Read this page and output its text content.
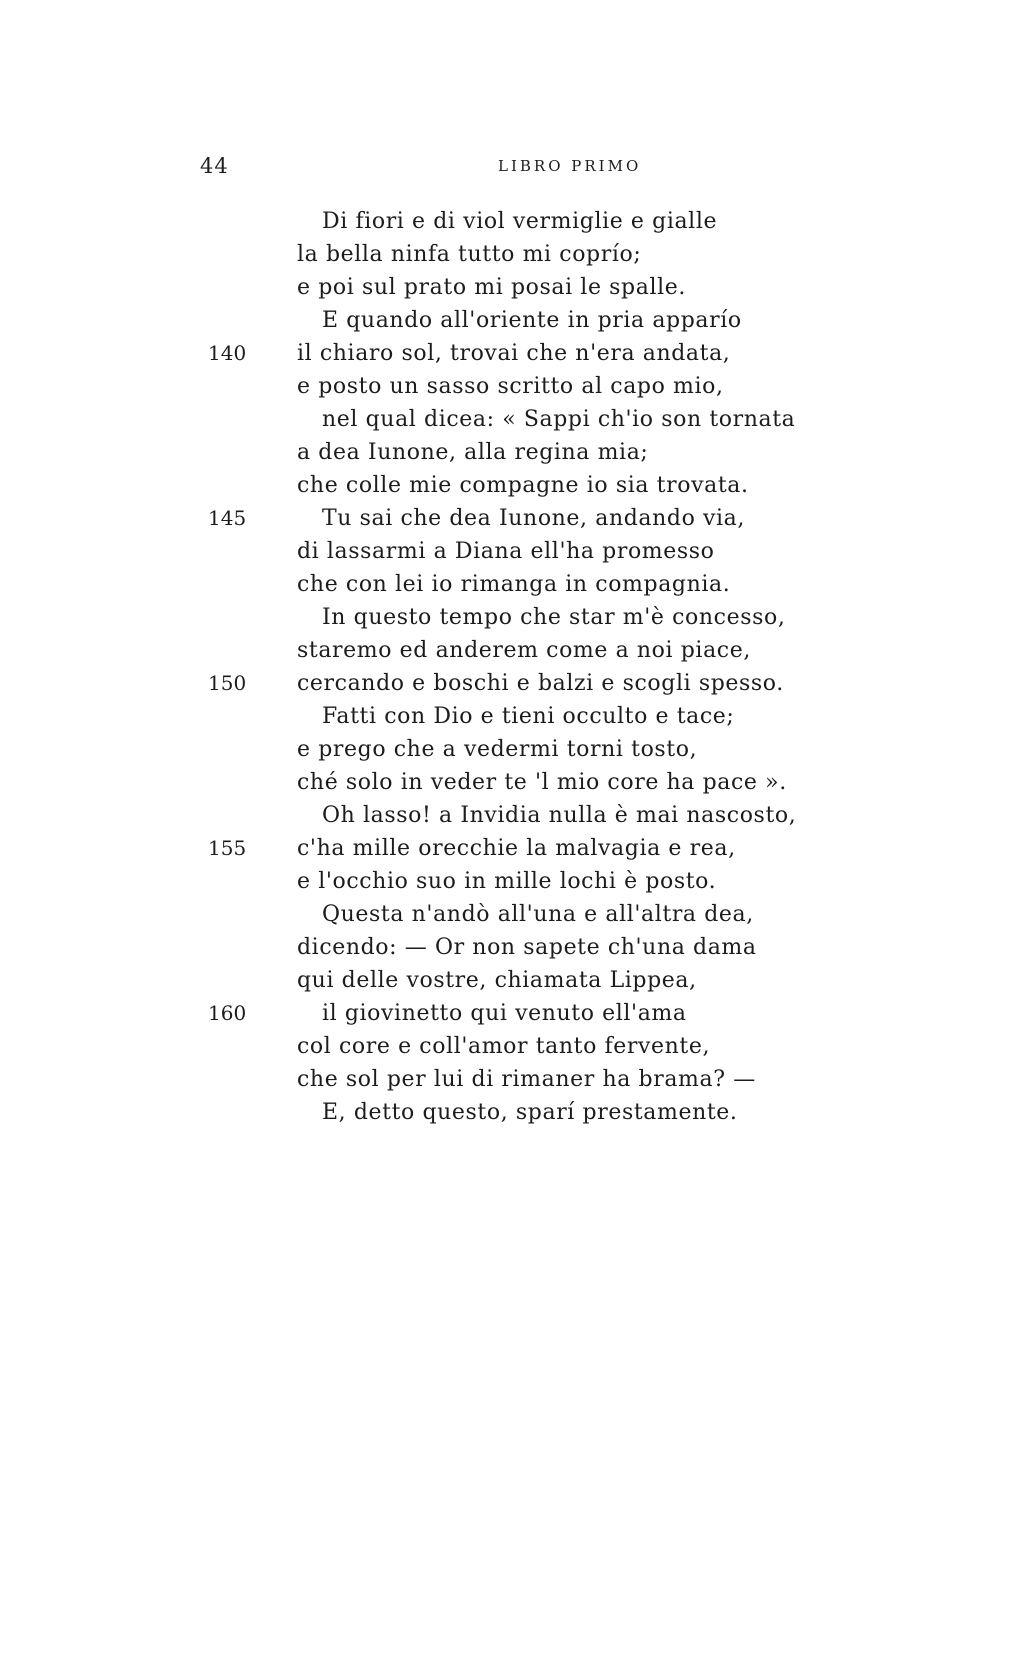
44	LIBRO PRIMO
Di fiori e di viol vermiglie e gialle
la bella ninfa tutto mi coprío;
e poi sul prato mi posai le spalle.
E quando all'oriente in pria apparío
140 il chiaro sol, trovai che n'era andata,
e posto un sasso scritto al capo mio,
nel qual dicea: « Sappi ch'io son tornata
a dea Iunone, alla regina mia;
che colle mie compagne io sia trovata.
145	Tu sai che dea Iunone, andando via,
di lassarmi a Diana ell'ha promesso
che con lei io rimanga in compagnia.
In questo tempo che star m'è concesso,
staremo ed anderem come a noi piace,
150 cercando e boschi e balzi e scogli spesso.
Fatti con Dio e tieni occulto e tace;
e prego che a vedermi torni tosto,
ché solo in veder te 'l mio core ha pace ».
Oh lasso! a Invidia nulla è mai nascosto,
155 c'ha mille orecchie la malvagia e rea,
e l'occhio suo in mille lochi è posto.
Questa n'andò all'una e all'altra dea,
dicendo: — Or non sapete ch'una dama
qui delle vostre, chiamata Lippea,
160	il giovinetto qui venuto ell'ama
col core e coll'amor tanto fervente,
che sol per lui di rimaner ha brama? —
E, detto questo, sparí prestamente.
